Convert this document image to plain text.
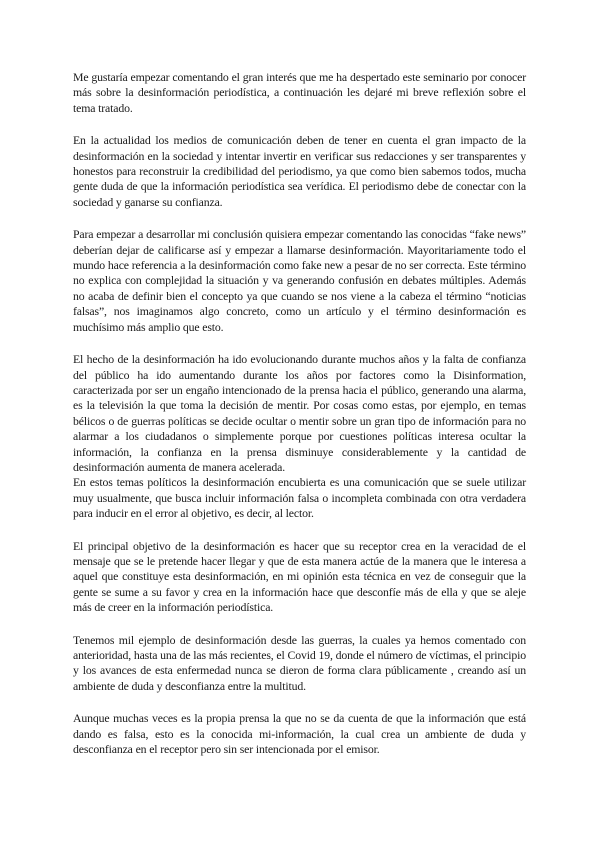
Me gustaría empezar comentando el gran interés que me ha despertado este seminario por conocer más sobre la desinformación periodística, a continuación les dejaré mi breve reflexión sobre el tema tratado.

En la actualidad los medios de comunicación deben de tener en cuenta el gran impacto de la desinformación en la sociedad y intentar invertir en verificar sus redacciones y ser transparentes y honestos para reconstruir la credibilidad del periodismo, ya que como bien sabemos todos, mucha gente duda de que la información periodística sea verídica. El periodismo debe de conectar con la sociedad y ganarse su confianza.

Para empezar a desarrollar mi conclusión quisiera empezar comentando las conocidas “fake news” deberían dejar de calificarse así y empezar a llamarse desinformación. Mayoritariamente todo el mundo hace referencia a la desinformación como fake new a pesar de no ser correcta. Este término no explica con complejidad la situación y va generando confusión en debates múltiples. Además no acaba de definir bien el concepto ya que cuando se nos viene a la cabeza el término “noticias falsas”, nos imaginamos algo concreto, como un artículo y el término desinformación es muchísimo más amplio que esto.

El hecho de la desinformación ha ido evolucionando durante muchos años y la falta de confianza del público ha ido aumentando durante los años por factores como la Disinformation, caracterizada por ser un engaño intencionado de la prensa hacia el público, generando una alarma, es la televisión la que toma la decisión de mentir. Por cosas como estas, por ejemplo, en temas bélicos o de guerras políticas se decide ocultar o mentir sobre un gran tipo de información para no alarmar a los ciudadanos o simplemente porque por cuestiones políticas interesa ocultar la información, la confianza en la prensa disminuye considerablemente y la cantidad de desinformación aumenta de manera acelerada.

En estos temas políticos la desinformación encubierta es una comunicación que se suele utilizar muy usualmente, que busca incluir información falsa o incompleta combinada con otra verdadera para inducir en el error al objetivo, es decir, al lector.

El principal objetivo de la desinformación es hacer que su receptor crea en la veracidad de el mensaje que se le pretende hacer llegar y que de esta manera actúe de la manera que le interesa a aquel que constituye esta desinformación, en mi opinión esta técnica en vez de conseguir que la gente se sume a su favor y crea en la información hace que desconfíe más de ella y que se aleje más de creer en la información periodística.

Tenemos mil ejemplo de desinformación desde las guerras, la cuales ya hemos comentado con anterioridad, hasta una de las más recientes, el Covid 19, donde el número de víctimas, el principio y los avances de esta enfermedad nunca se dieron de forma clara públicamente , creando así un ambiente de duda y desconfianza entre la multitud.

Aunque muchas veces es la propia prensa la que no se da cuenta de que la información que está dando es falsa, esto es la conocida mi-información, la cual crea un ambiente de duda y desconfianza en el receptor pero sin ser intencionada por el emisor.
